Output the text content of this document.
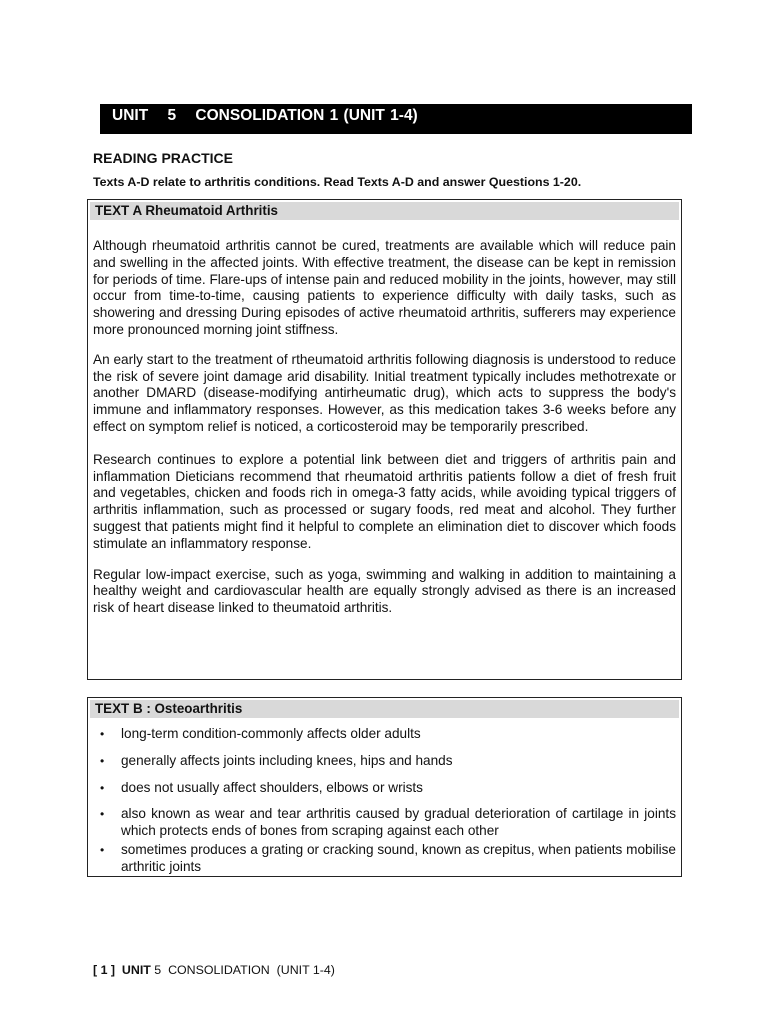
UNIT 5 CONSOLIDATION 1 (UNIT 1-4)
READING PRACTICE
Texts A-D relate to arthritis conditions. Read Texts A-D and answer Questions 1-20.
TEXT A Rheumatoid Arthritis

Although rheumatoid arthritis cannot be cured, treatments are available which will reduce pain and swelling in the affected joints. With effective treatment, the disease can be kept in remission for periods of time. Flare-ups of intense pain and reduced mobility in the joints, however, may still occur from time-to-time, causing patients to experience difficulty with daily tasks, such as showering and dressing During episodes of active rheumatoid arthritis, sufferers may experience more pronounced morning joint stiffness.

An early start to the treatment of rtheumatoid arthritis following diagnosis is understood to reduce the risk of severe joint damage arid disability. Initial treatment typically includes methotrexate or another DMARD (disease-modifying antirheumatic drug), which acts to suppress the body's immune and inflammatory responses. However, as this medication takes 3-6 weeks before any effect on symptom relief is noticed, a corticosteroid may be temporarily prescribed.

Research continues to explore a potential link between diet and triggers of arthritis pain and inflammation Dieticians recommend that rheumatoid arthritis patients follow a diet of fresh fruit and vegetables, chicken and foods rich in omega-3 fatty acids, while avoiding typical triggers of arthritis inflammation, such as processed or sugary foods, red meat and alcohol. They further suggest that patients might find it helpful to complete an elimination diet to discover which foods stimulate an inflammatory response.

Regular low-impact exercise, such as yoga, swimming and walking in addition to maintaining a healthy weight and cardiovascular health are equally strongly advised as there is an increased risk of heart disease linked to theumatoid arthritis.

TEXT B : Osteoarthritis
• long-term condition-commonly affects older adults
• generally affects joints including knees, hips and hands
• does not usually affect shoulders, elbows or wrists
• also known as wear and tear arthritis caused by gradual deterioration of cartilage in joints which protects ends of bones from scraping against each other
• sometimes produces a grating or cracking sound, known as crepitus, when patients mobilise arthritic joints
[ 1 ] UNIT 5  CONSOLIDATION  (UNIT 1-4)
